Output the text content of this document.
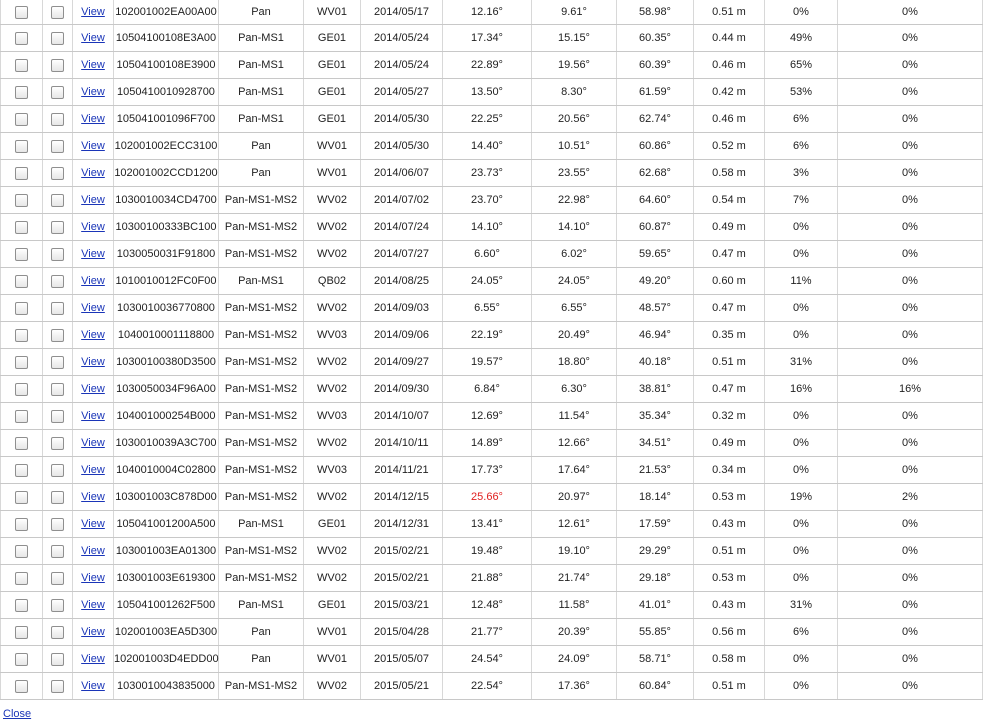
		View	102001002EA00A00	Pan	WV01	2014/05/17	12.16°	9.61°	58.98°	0.51 m	0%	0%
		View	10504100108E3A00	Pan-MS1	GE01	2014/05/24	17.34°	15.15°	60.35°	0.44 m	49%	0%
		View	10504100108E3900	Pan-MS1	GE01	2014/05/24	22.89°	19.56°	60.39°	0.46 m	65%	0%
		View	1050410010928700	Pan-MS1	GE01	2014/05/27	13.50°	8.30°	61.59°	0.42 m	53%	0%
		View	105041001096F700	Pan-MS1	GE01	2014/05/30	22.25°	20.56°	62.74°	0.46 m	6%	0%
		View	102001002ECC3100	Pan	WV01	2014/05/30	14.40°	10.51°	60.86°	0.52 m	6%	0%
		View	102001002CCD1200	Pan	WV01	2014/06/07	23.73°	23.55°	62.68°	0.58 m	3%	0%
		View	1030010034CD4700	Pan-MS1-MS2	WV02	2014/07/02	23.70°	22.98°	64.60°	0.54 m	7%	0%
		View	10300100333BC100	Pan-MS1-MS2	WV02	2014/07/24	14.10°	14.10°	60.87°	0.49 m	0%	0%
		View	1030050031F91800	Pan-MS1-MS2	WV02	2014/07/27	6.60°	6.02°	59.65°	0.47 m	0%	0%
		View	1010010012FC0F00	Pan-MS1	QB02	2014/08/25	24.05°	24.05°	49.20°	0.60 m	11%	0%
		View	1030010036770800	Pan-MS1-MS2	WV02	2014/09/03	6.55°	6.55°	48.57°	0.47 m	0%	0%
		View	1040010001118800	Pan-MS1-MS2	WV03	2014/09/06	22.19°	20.49°	46.94°	0.35 m	0%	0%
		View	10300100380D3500	Pan-MS1-MS2	WV02	2014/09/27	19.57°	18.80°	40.18°	0.51 m	31%	0%
		View	1030050034F96A00	Pan-MS1-MS2	WV02	2014/09/30	6.84°	6.30°	38.81°	0.47 m	16%	16%
		View	104001000254B000	Pan-MS1-MS2	WV03	2014/10/07	12.69°	11.54°	35.34°	0.32 m	0%	0%
		View	1030010039A3C700	Pan-MS1-MS2	WV02	2014/10/11	14.89°	12.66°	34.51°	0.49 m	0%	0%
		View	1040010004C02800	Pan-MS1-MS2	WV03	2014/11/21	17.73°	17.64°	21.53°	0.34 m	0%	0%
		View	103001003C878D00	Pan-MS1-MS2	WV02	2014/12/15	25.66°	20.97°	18.14°	0.53 m	19%	2%
		View	105041001200A500	Pan-MS1	GE01	2014/12/31	13.41°	12.61°	17.59°	0.43 m	0%	0%
		View	103001003EA01300	Pan-MS1-MS2	WV02	2015/02/21	19.48°	19.10°	29.29°	0.51 m	0%	0%
		View	103001003E619300	Pan-MS1-MS2	WV02	2015/02/21	21.88°	21.74°	29.18°	0.53 m	0%	0%
		View	105041001262F500	Pan-MS1	GE01	2015/03/21	12.48°	11.58°	41.01°	0.43 m	31%	0%
		View	102001003EA5D300	Pan	WV01	2015/04/28	21.77°	20.39°	55.85°	0.56 m	6%	0%
		View	102001003D4EDD00	Pan	WV01	2015/05/07	24.54°	24.09°	58.71°	0.58 m	0%	0%
		View	1030010043835000	Pan-MS1-MS2	WV02	2015/05/21	22.54°	17.36°	60.84°	0.51 m	0%	0%
Close
